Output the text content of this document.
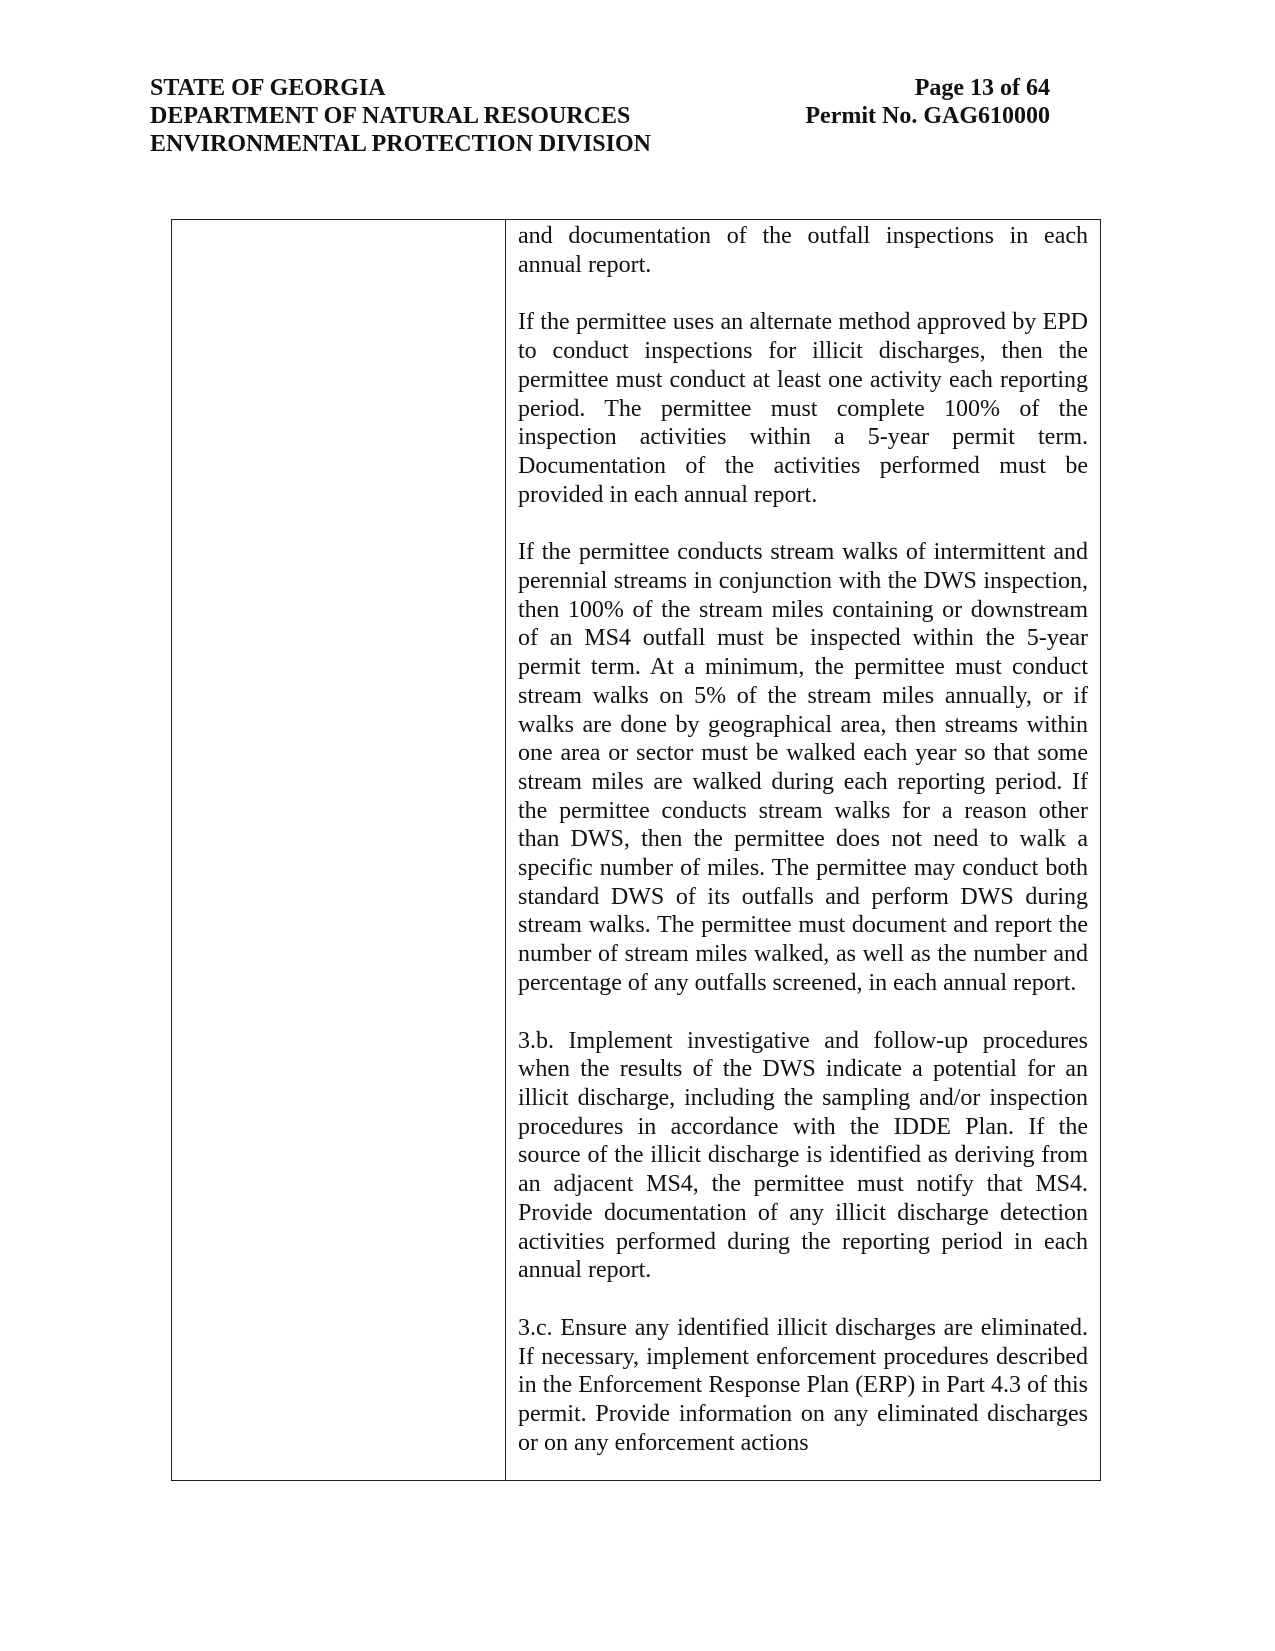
STATE OF GEORGIA
DEPARTMENT OF NATURAL RESOURCES
ENVIRONMENTAL PROTECTION DIVISION
Page 13 of 64
Permit No. GAG610000

and documentation of the outfall inspections in each annual report.

If the permittee uses an alternate method approved by EPD to conduct inspections for illicit discharges, then the permittee must conduct at least one activity each reporting period. The permittee must complete 100% of the inspection activities within a 5-year permit term. Documentation of the activities performed must be provided in each annual report.

If the permittee conducts stream walks of intermittent and perennial streams in conjunction with the DWS inspection, then 100% of the stream miles containing or downstream of an MS4 outfall must be inspected within the 5-year permit term. At a minimum, the permittee must conduct stream walks on 5% of the stream miles annually, or if walks are done by geographical area, then streams within one area or sector must be walked each year so that some stream miles are walked during each reporting period. If the permittee conducts stream walks for a reason other than DWS, then the permittee does not need to walk a specific number of miles. The permittee may conduct both standard DWS of its outfalls and perform DWS during stream walks. The permittee must document and report the number of stream miles walked, as well as the number and percentage of any outfalls screened, in each annual report.

3.b. Implement investigative and follow-up procedures when the results of the DWS indicate a potential for an illicit discharge, including the sampling and/or inspection procedures in accordance with the IDDE Plan. If the source of the illicit discharge is identified as deriving from an adjacent MS4, the permittee must notify that MS4. Provide documentation of any illicit discharge detection activities performed during the reporting period in each annual report.

3.c. Ensure any identified illicit discharges are eliminated. If necessary, implement enforcement procedures described in the Enforcement Response Plan (ERP) in Part 4.3 of this permit. Provide information on any eliminated discharges or on any enforcement actions
